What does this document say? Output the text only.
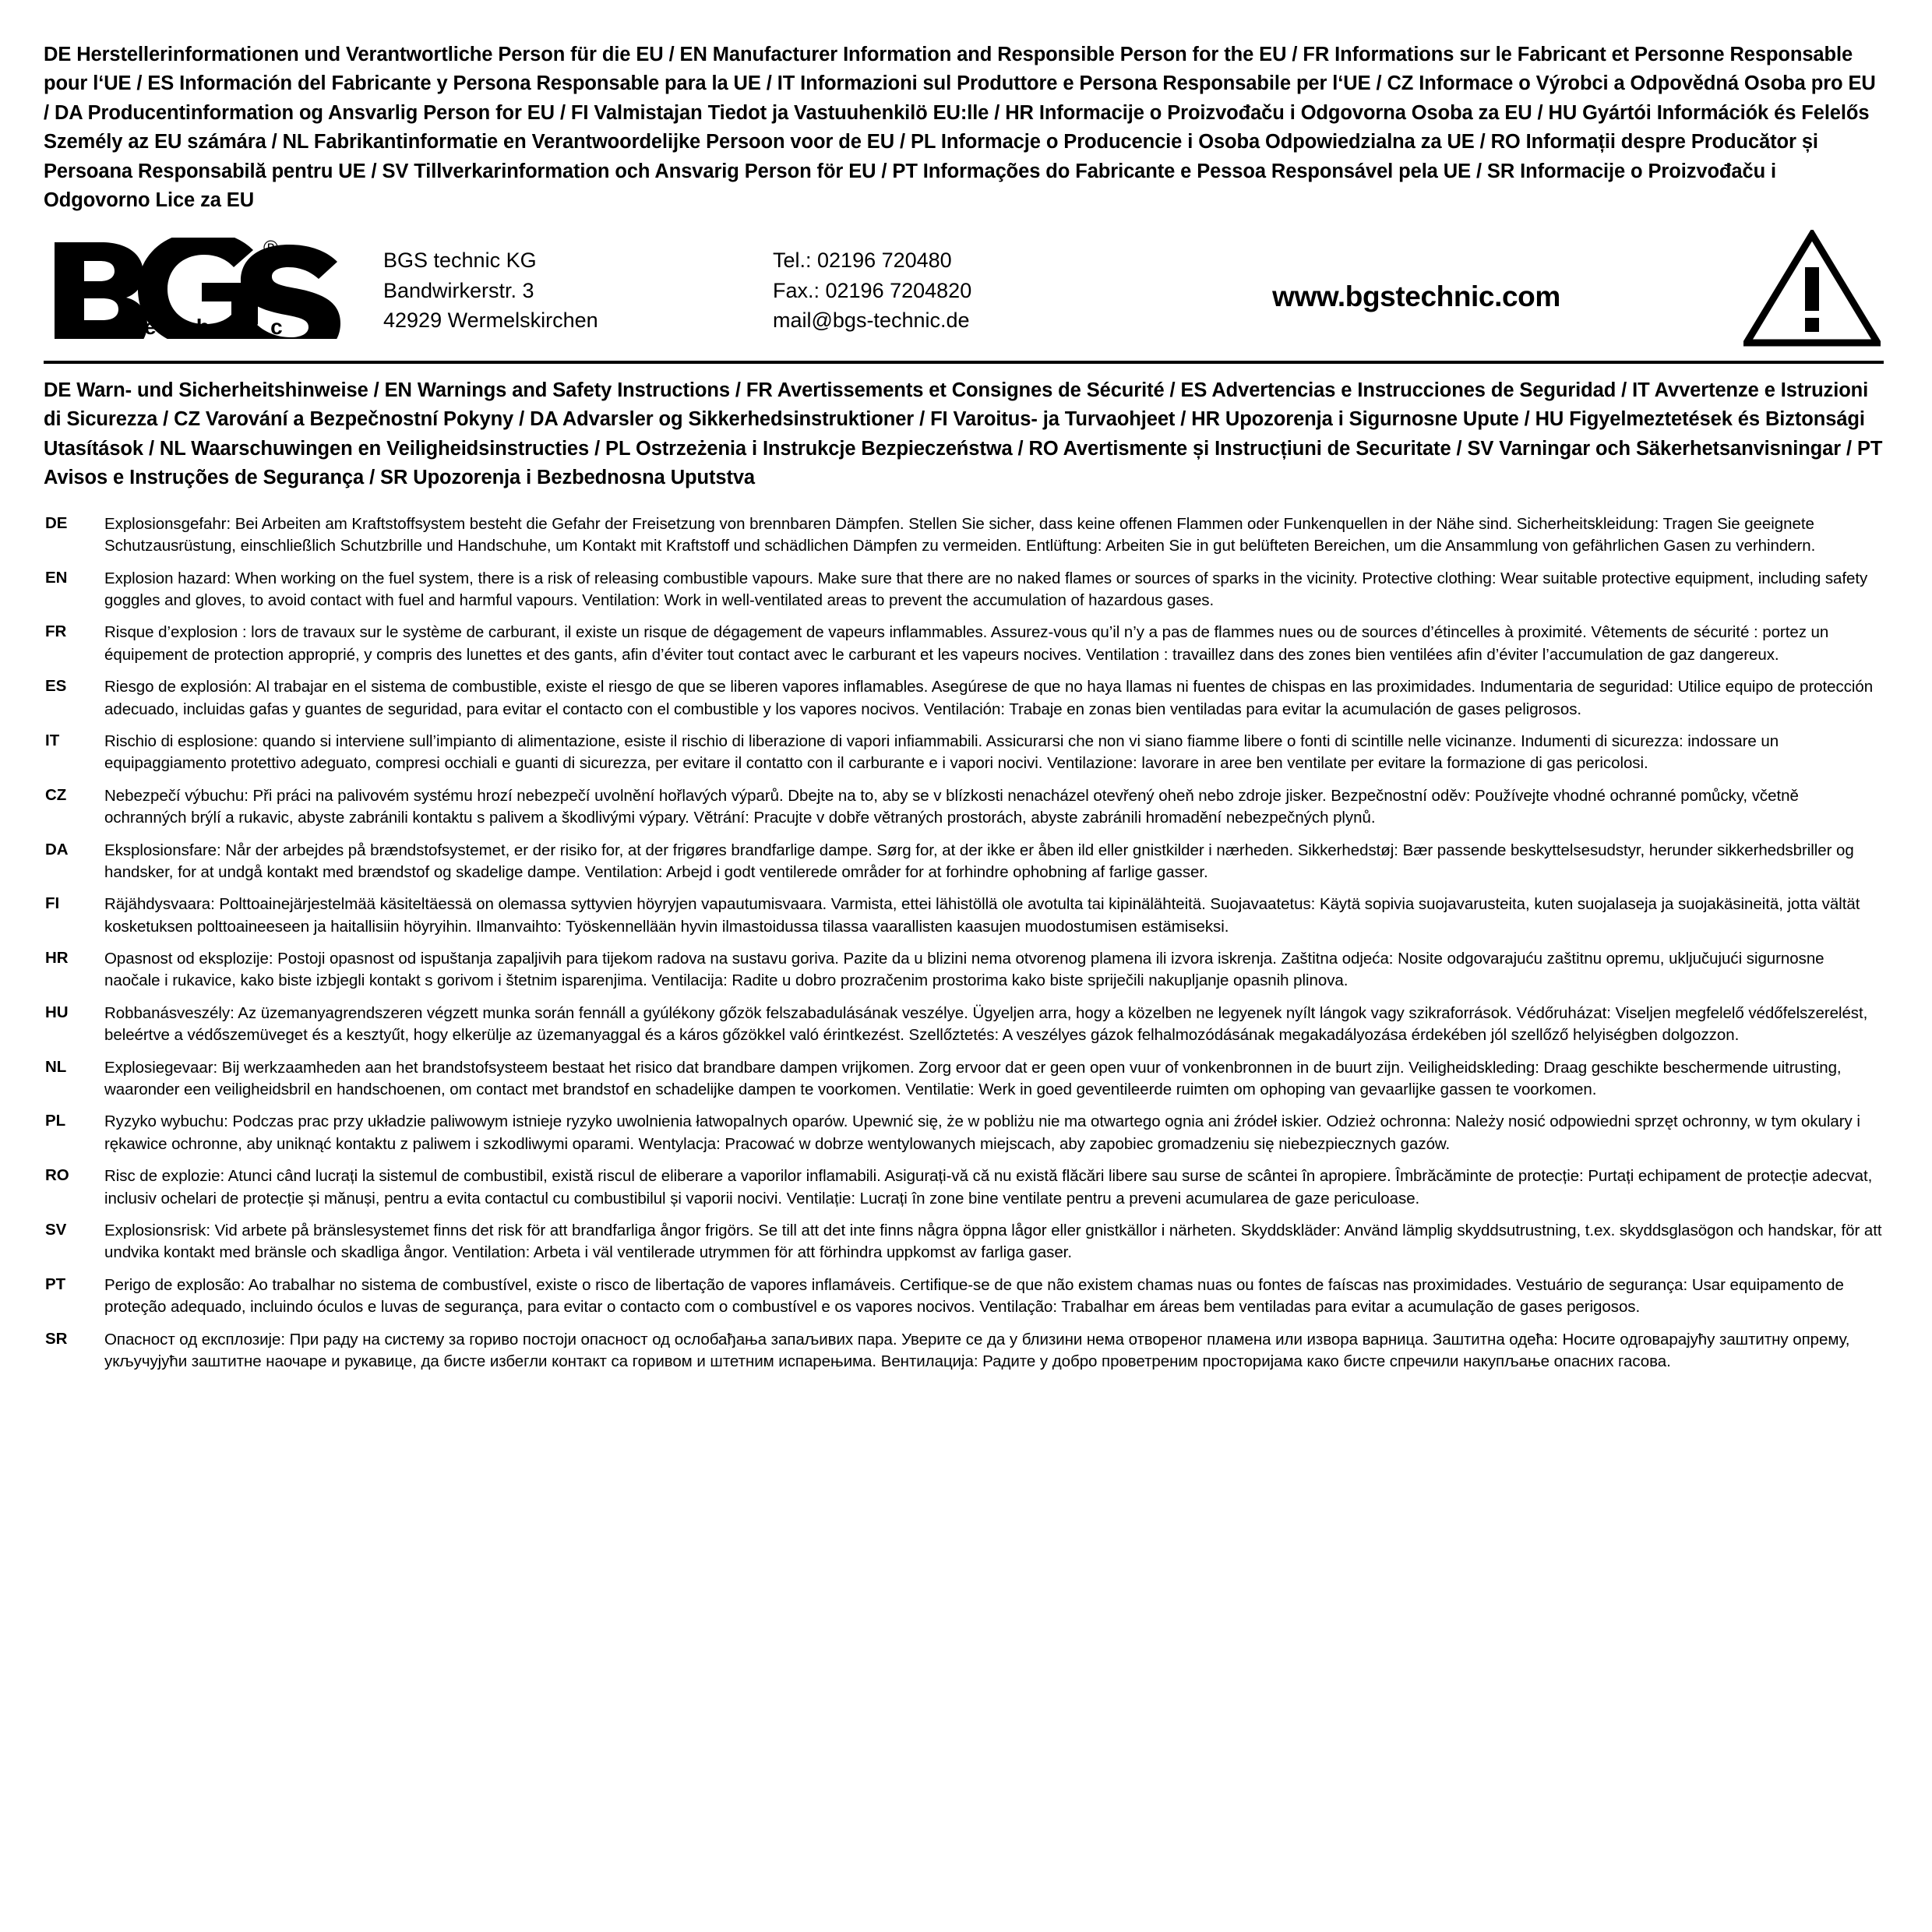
DE Herstellerinformationen und Verantwortliche Person für die EU / EN Manufacturer Information and Responsible Person for the EU / FR Informations sur le Fabricant et Personne Responsable pour l‘UE / ES Información del Fabricante y Persona Responsable para la UE / IT Informazioni sul Produttore e Persona Responsabile per l‘UE / CZ Informace o Výrobci a Odpovědná Osoba pro EU / DA Producentinformation og Ansvarlig Person for EU / FI Valmistajan Tiedot ja Vastuuhenkilö EU:lle / HR Informacije o Proizvođaču i Odgovorna Osoba za EU / HU Gyártói Információk és Felelős Személy az EU számára / NL Fabrikantinformatie en Verantwoordelijke Persoon voor de EU / PL Informacje o Producencie i Osoba Odpowiedzialna za UE / RO Informații despre Producător și Persoana Responsabilă pentru UE / SV Tillverkarinformation och Ansvarig Person för EU / PT Informações do Fabricante e Pessoa Responsável pela UE / SR Informacije o Proizvođaču i Odgovorno Lice za EU
®
t e c h n i c
BGS technic KG
Bandwirkerstr. 3
42929 Wermelskirchen
Tel.: 02196 720480
Fax.: 02196 7204820
mail@bgs-technic.de
www.bgstechnic.com
DE Warn- und Sicherheitshinweise / EN Warnings and Safety Instructions / FR Avertissements et Consignes de Sécurité / ES Advertencias e Instrucciones de Seguridad / IT Avvertenze e Istruzioni di Sicurezza / CZ Varování a Bezpečnostní Pokyny / DA Advarsler og Sikkerhedsinstruktioner / FI Varoitus- ja Turvaohjeet / HR Upozorenja i Sigurnosne Upute / HU Figyelmeztetések és Biztonsági Utasítások / NL Waarschuwingen en Veiligheidsinstructies / PL Ostrzeżenia i Instrukcje Bezpieczeństwa / RO Avertismente și Instrucțiuni de Securitate / SV Varningar och Säkerhetsanvisningar / PT Avisos e Instruções de Segurança / SR Upozorenja i Bezbednosna Uputstva
DE	Explosionsgefahr: Bei Arbeiten am Kraftstoffsystem besteht die Gefahr der Freisetzung von brennbaren Dämpfen. Stellen Sie sicher, dass keine offenen Flammen oder Funkenquellen in der Nähe sind. Sicherheitskleidung: Tragen Sie geeignete Schutzausrüstung, einschließlich Schutzbrille und Handschuhe, um Kontakt mit Kraftstoff und schädlichen Dämpfen zu vermeiden. Entlüftung: Arbeiten Sie in gut belüfteten Bereichen, um die Ansammlung von gefährlichen Gasen zu verhindern.
EN	Explosion hazard: When working on the fuel system, there is a risk of releasing combustible vapours. Make sure that there are no naked flames or sources of sparks in the vicinity. Protective clothing: Wear suitable protective equipment, including safety goggles and gloves, to avoid contact with fuel and harmful vapours. Ventilation: Work in well-ventilated areas to prevent the accumulation of hazardous gases.
FR	Risque d’explosion : lors de travaux sur le système de carburant, il existe un risque de dégagement de vapeurs inflammables. Assurez-vous qu’il n’y a pas de flammes nues ou de sources d’étincelles à proximité. Vêtements de sécurité : portez un équipement de protection approprié, y compris des lunettes et des gants, afin d’éviter tout contact avec le carburant et les vapeurs nocives. Ventilation : travaillez dans des zones bien ventilées afin d’éviter l’accumulation de gaz dangereux.
ES	Riesgo de explosión: Al trabajar en el sistema de combustible, existe el riesgo de que se liberen vapores inflamables. Asegúrese de que no haya llamas ni fuentes de chispas en las proximidades. Indumentaria de seguridad: Utilice equipo de protección adecuado, incluidas gafas y guantes de seguridad, para evitar el contacto con el combustible y los vapores nocivos. Ventilación: Trabaje en zonas bien ventiladas para evitar la acumulación de gases peligrosos.
IT	Rischio di esplosione: quando si interviene sull’impianto di alimentazione, esiste il rischio di liberazione di vapori infiammabili. Assicurarsi che non vi siano fiamme libere o fonti di scintille nelle vicinanze. Indumenti di sicurezza: indossare un equipaggiamento protettivo adeguato, compresi occhiali e guanti di sicurezza, per evitare il contatto con il carburante e i vapori nocivi. Ventilazione: lavorare in aree ben ventilate per evitare la formazione di gas pericolosi.
CZ	Nebezpečí výbuchu: Při práci na palivovém systému hrozí nebezpečí uvolnění hořlavých výparů. Dbejte na to, aby se v blízkosti nenacházel otevřený oheň nebo zdroje jisker. Bezpečnostní oděv: Používejte vhodné ochranné pomůcky, včetně ochranných brýlí a rukavic, abyste zabránili kontaktu s palivem a škodlivými výpary. Větrání: Pracujte v dobře větraných prostorách, abyste zabránili hromadění nebezpečných plynů.
DA	Eksplosionsfare: Når der arbejdes på brændstofsystemet, er der risiko for, at der frigøres brandfarlige dampe. Sørg for, at der ikke er åben ild eller gnistkilder i nærheden. Sikkerhedstøj: Bær passende beskyttelsesudstyr, herunder sikkerhedsbriller og handsker, for at undgå kontakt med brændstof og skadelige dampe. Ventilation: Arbejd i godt ventilerede områder for at forhindre ophobning af farlige gasser.
FI	Räjähdysvaara: Polttoainejärjestelmää käsiteltäessä on olemassa syttyvien höyryjen vapautumisvaara. Varmista, ettei lähistöllä ole avotulta tai kipinälähteitä. Suojavaatetus: Käytä sopivia suojavarusteita, kuten suojalaseja ja suojakäsineitä, jotta vältät kosketuksen polttoaineeseen ja haitallisiin höyryihin. Ilmanvaihto: Työskennellään hyvin ilmastoidussa tilassa vaarallisten kaasujen muodostumisen estämiseksi.
HR	Opasnost od eksplozije: Postoji opasnost od ispuštanja zapaljivih para tijekom radova na sustavu goriva. Pazite da u blizini nema otvorenog plamena ili izvora iskrenja. Zaštitna odjeća: Nosite odgovarajuću zaštitnu opremu, uključujući sigurnosne naočale i rukavice, kako biste izbjegli kontakt s gorivom i štetnim isparenjima. Ventilacija: Radite u dobro prozračenim prostorima kako biste spriječili nakupljanje opasnih plinova.
HU	Robbanásveszély: Az üzemanyagrendszeren végzett munka során fennáll a gyúlékony gőzök felszabadulásának veszélye. Ügyeljen arra, hogy a közelben ne legyenek nyílt lángok vagy szikraforrások. Védőruházat: Viseljen megfelelő védőfelszerelést, beleértve a védőszemüveget és a kesztyűt, hogy elkerülje az üzemanyaggal és a káros gőzökkel való érintkezést. Szellőztetés: A veszélyes gázok felhalmozódásának megakadályozása érdekében jól szellőző helyiségben dolgozzon.
NL	Explosiegevaar: Bij werkzaamheden aan het brandstofsysteem bestaat het risico dat brandbare dampen vrijkomen. Zorg ervoor dat er geen open vuur of vonkenbronnen in de buurt zijn. Veiligheidskleding: Draag geschikte beschermende uitrusting, waaronder een veiligheidsbril en handschoenen, om contact met brandstof en schadelijke dampen te voorkomen. Ventilatie: Werk in goed geventileerde ruimten om ophoping van gevaarlijke gassen te voorkomen.
PL	Ryzyko wybuchu: Podczas prac przy układzie paliwowym istnieje ryzyko uwolnienia łatwopalnych oparów. Upewnić się, że w pobliżu nie ma otwartego ognia ani źródeł iskier. Odzież ochronna: Należy nosić odpowiedni sprzęt ochronny, w tym okulary i rękawice ochronne, aby uniknąć kontaktu z paliwem i szkodliwymi oparami. Wentylacja: Pracować w dobrze wentylowanych miejscach, aby zapobiec gromadzeniu się niebezpiecznych gazów.
RO	Risc de explozie: Atunci când lucrați la sistemul de combustibil, există riscul de eliberare a vaporilor inflamabili. Asigurați-vă că nu există flăcări libere sau surse de scântei în apropiere. Îmbrăcăminte de protecție: Purtați echipament de protecție adecvat, inclusiv ochelari de protecție și mănuși, pentru a evita contactul cu combustibilul și vaporii nocivi. Ventilație: Lucrați în zone bine ventilate pentru a preveni acumularea de gaze periculoase.
SV	Explosionsrisk: Vid arbete på bränslesystemet finns det risk för att brandfarliga ångor frigörs. Se till att det inte finns några öppna lågor eller gnistkällor i närheten. Skyddskläder: Använd lämplig skyddsutrustning, t.ex. skyddsglasögon och handskar, för att undvika kontakt med bränsle och skadliga ångor. Ventilation: Arbeta i väl ventilerade utrymmen för att förhindra uppkomst av farliga gaser.
PT	Perigo de explosão: Ao trabalhar no sistema de combustível, existe o risco de libertação de vapores inflamáveis. Certifique-se de que não existem chamas nuas ou fontes de faíscas nas proximidades. Vestuário de segurança: Usar equipamento de proteção adequado, incluindo óculos e luvas de segurança, para evitar o contacto com o combustível e os vapores nocivos. Ventilação: Trabalhar em áreas bem ventiladas para evitar a acumulação de gases perigosos.
SR	Опасност од експлозије: При раду на систему за гориво постоји опасност од ослобађања запаљивих пара. Уверите се да у близини нема отвореног пламена или извора варница. Заштитна одећа: Носите одговарајућу заштитну опрему, укључујући заштитне наочаре и рукавице, да бисте избегли контакт са горивом и штетним испарењима. Вентилација: Радите у добро проветреним просторијама како бисте спречили накупљање опасних гасова.
